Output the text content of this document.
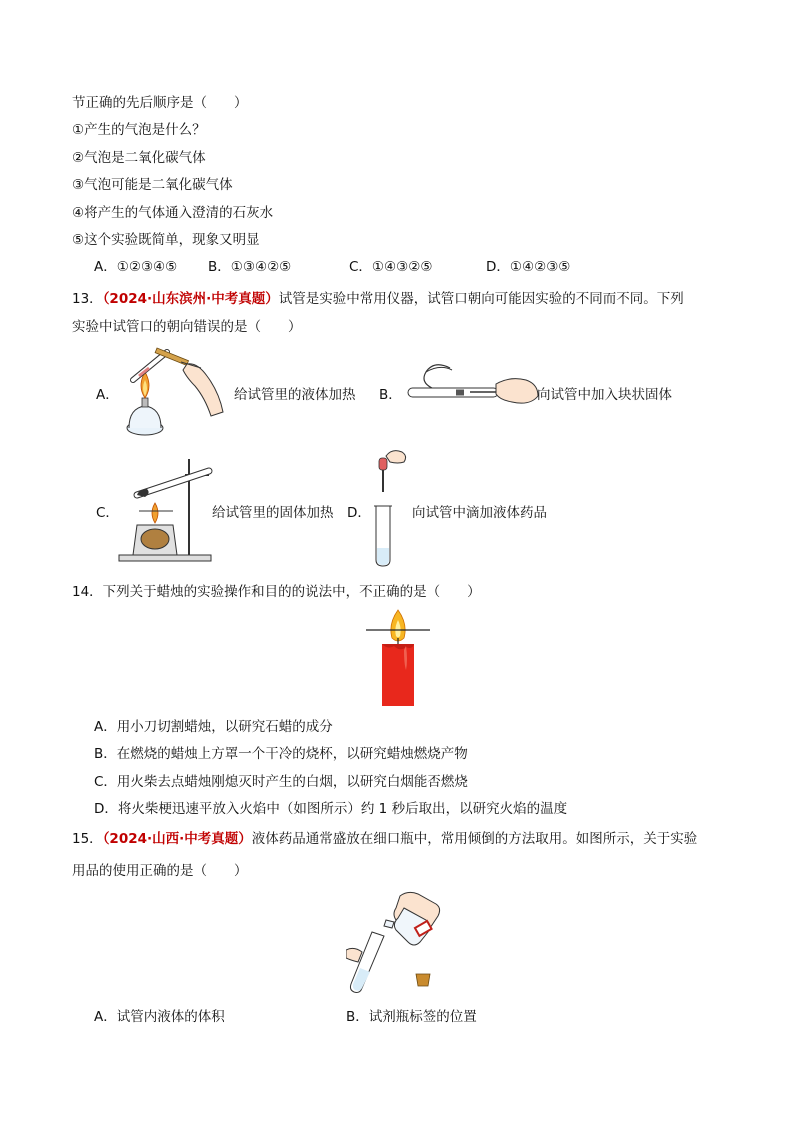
节正确的先后顺序是（　　）
①产生的气泡是什么？
②气泡是二氧化碳气体
③气泡可能是二氧化碳气体
④将产生的气体通入澄清的石灰水
⑤这个实验既简单，现象又明显
A．①②③④⑤ B．①③④②⑤	C．①④③②⑤	D．①④②③⑤
13．（2024·山东滨州·中考真题）试管是实验中常用仪器，试管口朝向可能因实验的不同而不同。下列
实验中试管口的朝向错误的是（　　）
A．	给试管里的液体加热 B．	向试管中加入块状固体
C．	给试管里的固体加热 D．	向试管中滴加液体药品
14．下列关于蜡烛的实验操作和目的的说法中，不正确的是（　　）
A．用小刀切割蜡烛，以研究石蜡的成分
B．在燃烧的蜡烛上方罩一个干冷的烧杯，以研究蜡烛燃烧产物
C．用火柴去点蜡烛刚熄灭时产生的白烟，以研究白烟能否燃烧
D．将火柴梗迅速平放入火焰中（如图所示）约 1 秒后取出，以研究火焰的温度
15．（2024·山西·中考真题）液体药品通常盛放在细口瓶中，常用倾倒的方法取用。如图所示，关于实验
用品的使用正确的是（　　）
A．试管内液体的体积	B．试剂瓶标签的位置
